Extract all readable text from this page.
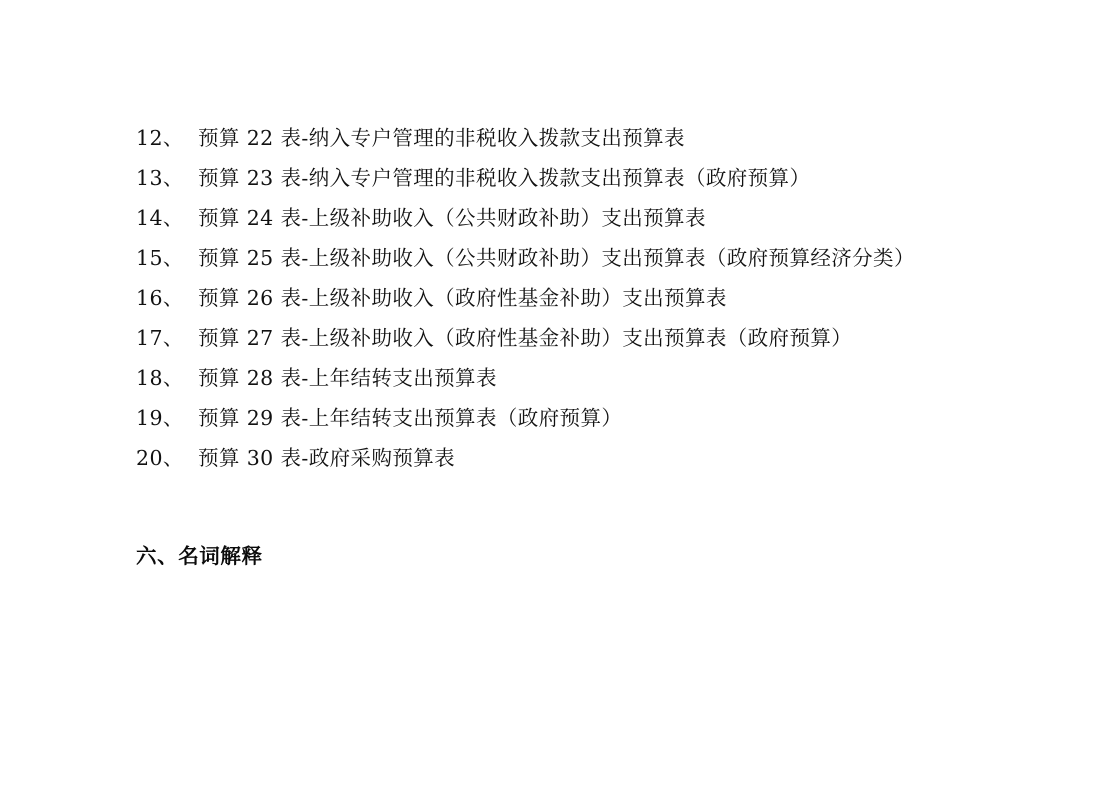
12、 预算 22 表-纳入专户管理的非税收入拨款支出预算表
13、 预算 23 表-纳入专户管理的非税收入拨款支出预算表（政府预算）
14、 预算 24 表-上级补助收入（公共财政补助）支出预算表
15、 预算 25 表-上级补助收入（公共财政补助）支出预算表（政府预算经济分类）
16、 预算 26 表-上级补助收入（政府性基金补助）支出预算表
17、 预算 27 表-上级补助收入（政府性基金补助）支出预算表（政府预算）
18、 预算 28 表-上年结转支出预算表
19、 预算 29 表-上年结转支出预算表（政府预算）
20、 预算 30 表-政府采购预算表
六、名词解释
